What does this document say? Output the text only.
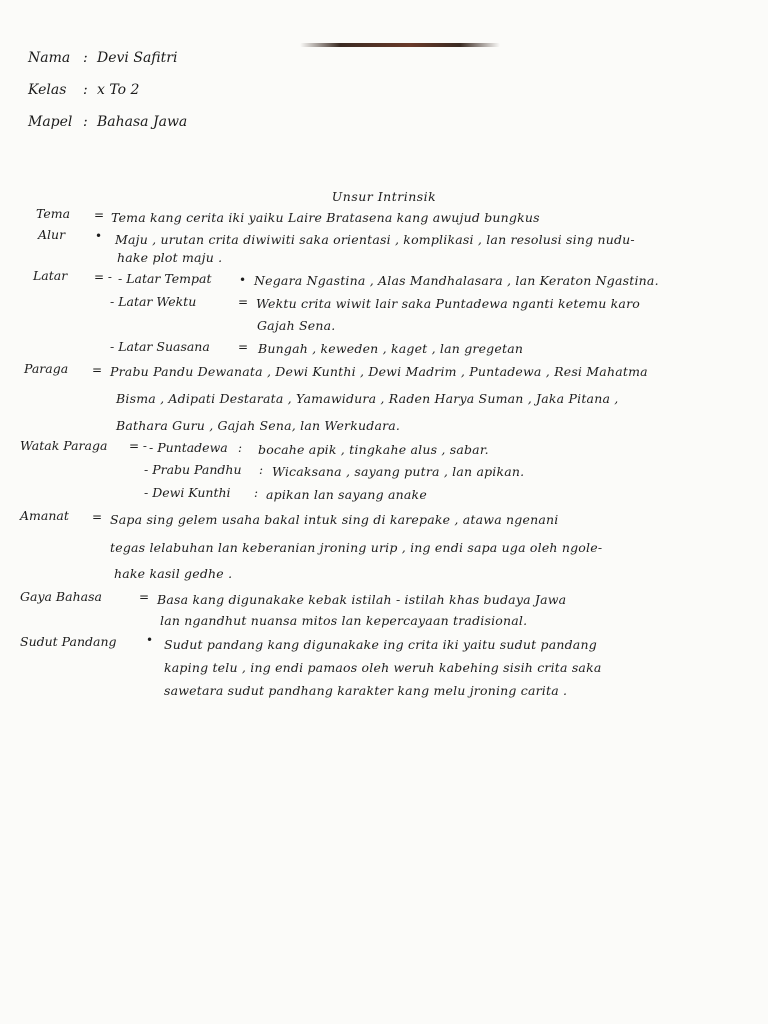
Nama : Devi Safitri
Kelas	: x To 2
Mapel : Bahasa Jawa
Unsur Intrinsik
Tema = Tema kang cerita iki yaiku Laire Bratasena kang awujud bungkus
Alur • Maju , urutan crita diwiwiti saka orientasi , komplikasi , lan resolusi sing nudu-
hake plot maju .
Latar = - - Latar Tempat • Negara Ngastina , Alas Mandhalasara , lan Keraton Ngastina.
- Latar Wektu	= Wektu crita wiwit lair saka Puntadewa nganti ketemu karo
Gajah Sena.
- Latar Suasana = Bungah , keweden , kaget , lan gregetan
Paraga = Prabu Pandu Dewanata , Dewi Kunthi , Dewi Madrim , Puntadewa , Resi Mahatma
Bisma , Adipati Destarata , Yamawidura , Raden Harya Suman , Jaka Pitana ,
Bathara Guru , Gajah Sena, lan Werkudara.
Watak Paraga = - - Puntadewa : bocahe apik , tingkahe alus , sabar.
- Prabu Pandhu : Wicaksana , sayang putra , lan apikan.
- Dewi Kunthi : apikan lan sayang anake
Amanat = Sapa sing gelem usaha bakal intuk sing di karepake , atawa ngenani
tegas lelabuhan lan keberanian jroning urip , ing endi sapa uga oleh ngole-
hake kasil gedhe .
Gaya Bahasa	= Basa kang digunakake kebak istilah - istilah khas budaya Jawa
lan ngandhut nuansa mitos lan kepercayaan tradisional.
Sudut Pandang • Sudut pandang kang digunakake ing crita iki yaitu sudut pandang
kaping telu , ing endi pamaos oleh weruh kabehing sisih crita saka
sawetara sudut pandhang karakter kang melu jroning carita .
